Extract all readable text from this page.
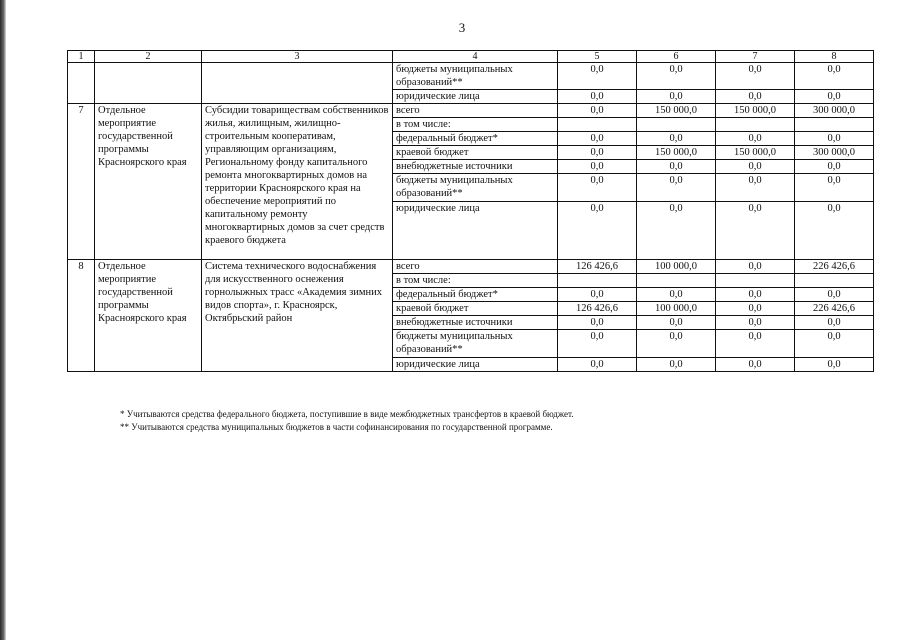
3
1	2	3	4	5	6	7	8
			бюджеты муниципальных образований**	0,0	0,0	0,0	0,0
			юридические лица	0,0	0,0	0,0	0,0
7	Отдельное мероприятие государственной программы Красноярского края	Субсидии товариществам собственников жилья, жилищным, жилищно-строительным кооперативам, управляющим организациям, Региональному фонду капитального ремонта многоквартирных домов на территории Красноярского края на обеспечение мероприятий по капитальному ремонту многоквартирных домов за счет средств краевого бюджета	всего	0,0	150 000,0	150 000,0	300 000,0
			в том числе:				
			федеральный бюджет*	0,0	0,0	0,0	0,0
			краевой бюджет	0,0	150 000,0	150 000,0	300 000,0
			внебюджетные источники	0,0	0,0	0,0	0,0
			бюджеты муниципальных образований**	0,0	0,0	0,0	0,0
			юридические лица	0,0	0,0	0,0	0,0
8	Отдельное мероприятие государственной программы Красноярского края	Система технического водоснабжения для искусственного оснежения горнолыжных трасс «Академия зимних видов спорта», г. Красноярск, Октябрьский район	всего	126 426,6	100 000,0	0,0	226 426,6
			в том числе:				
			федеральный бюджет*	0,0	0,0	0,0	0,0
			краевой бюджет	126 426,6	100 000,0	0,0	226 426,6
			внебюджетные источники	0,0	0,0	0,0	0,0
			бюджеты муниципальных образований**	0,0	0,0	0,0	0,0
			юридические лица	0,0	0,0	0,0	0,0
* Учитываются средства федерального бюджета, поступившие в виде межбюджетных трансфертов в краевой бюджет.
** Учитываются средства муниципальных бюджетов в части софинансирования по государственной программе.
